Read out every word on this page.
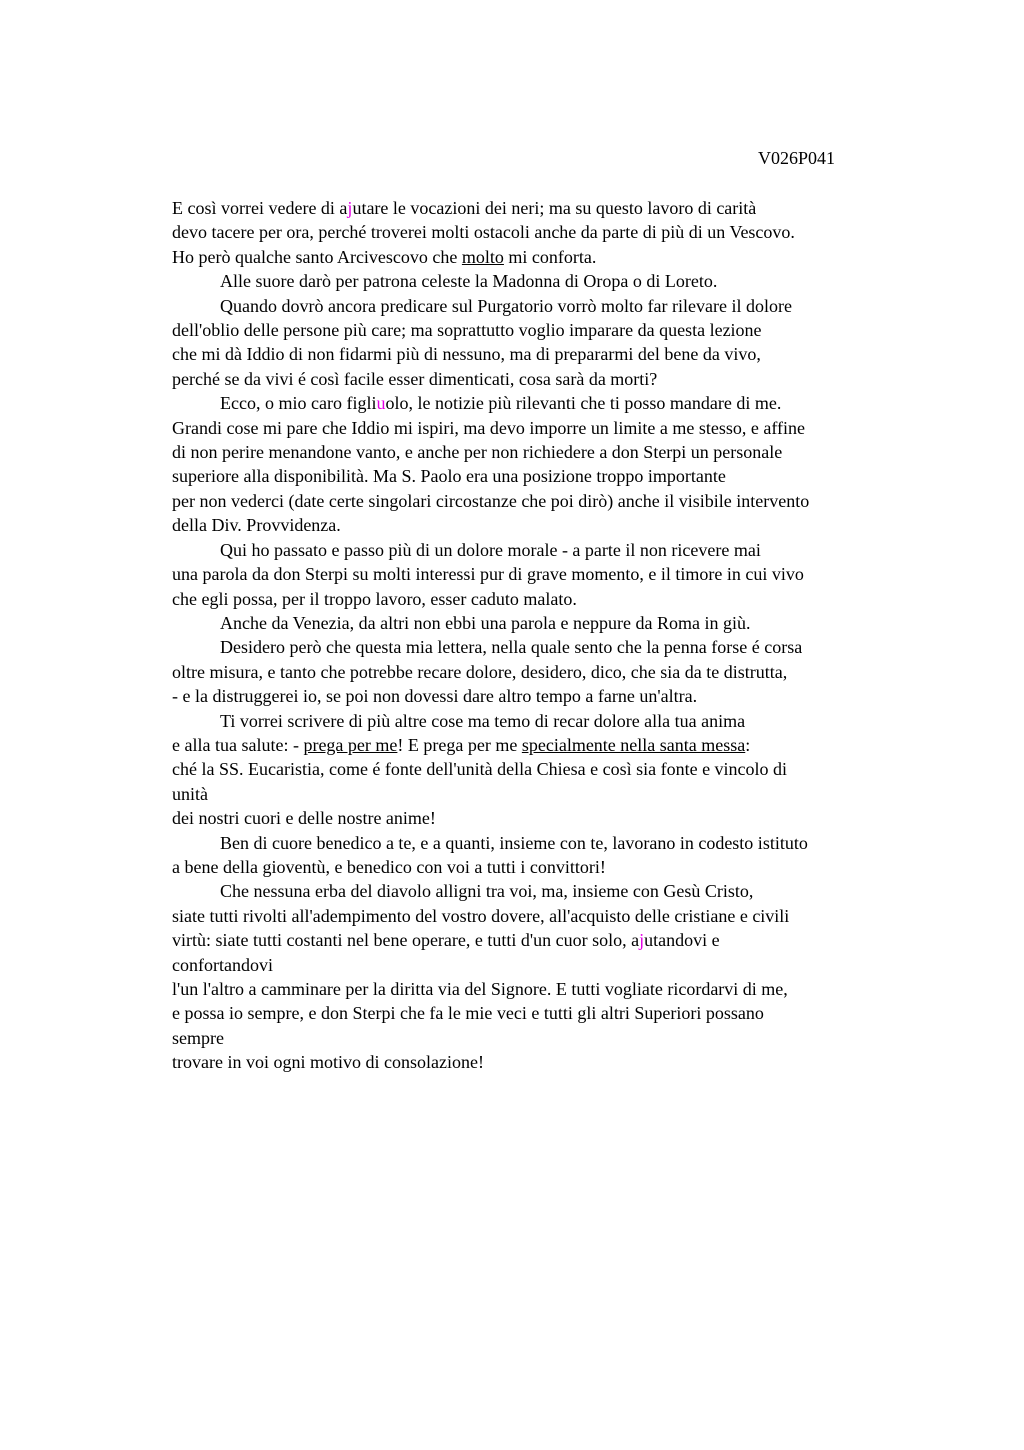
V026P041
E così vorrei vedere di ajutare le vocazioni dei neri; ma su questo lavoro di carità
devo tacere per ora, perché troverei molti ostacoli anche da parte di più di un Vescovo.
Ho però qualche santo Arcivescovo che molto mi conforta.
Alle suore darò per patrona celeste la Madonna di Oropa o di Loreto.
Quando dovrò ancora predicare sul Purgatorio vorrò molto far rilevare il dolore
dell'oblio delle persone più care; ma soprattutto voglio imparare da questa lezione
che mi dà Iddio di non fidarmi più di nessuno, ma di prepararmi del bene da vivo,
perché se da vivi é così facile esser dimenticati, cosa sarà da morti?
Ecco, o mio caro figliuolo, le notizie più rilevanti che ti posso mandare di me.
Grandi cose mi pare che Iddio mi ispiri, ma devo imporre un limite a me stesso, e affine
di non perire menandone vanto, e anche per non richiedere a don Sterpi un personale
superiore alla disponibilità. Ma S. Paolo era una posizione troppo importante
per non vederci (date certe singolari circostanze che poi dirò) anche il visibile intervento
della Div. Provvidenza.
Qui ho passato e passo più di un dolore morale - a parte il non ricevere mai
una parola da don Sterpi su molti interessi pur di grave momento, e il timore in cui vivo
che egli possa, per il troppo lavoro, esser caduto malato.
Anche da Venezia, da altri non ebbi una parola e neppure da Roma in giù.
Desidero però che questa mia lettera, nella quale sento che la penna forse é corsa
oltre misura, e tanto che potrebbe recare dolore, desidero, dico, che sia da te distrutta,
- e la distruggerei io, se poi non dovessi dare altro tempo a farne un'altra.
Ti vorrei scrivere di più altre cose ma temo di recar dolore alla tua anima
e alla tua salute: - prega per me! E prega per me specialmente nella santa messa:
ché la SS. Eucaristia, come é fonte dell'unità della Chiesa e così sia fonte e vincolo di
unità
dei nostri cuori e delle nostre anime!
Ben di cuore benedico a te, e a quanti, insieme con te, lavorano in codesto istituto
a bene della gioventù, e benedico con voi a tutti i convittori!
Che nessuna erba del diavolo alligni tra voi, ma, insieme con Gesù Cristo,
siate tutti rivolti all'adempimento del vostro dovere, all'acquisto delle cristiane e civili
virtù: siate tutti costanti nel bene operare, e tutti d'un cuor solo, ajutandovi e
confortandovi
l'un l'altro a camminare per la diritta via del Signore. E tutti vogliate ricordarvi di me,
e possa io sempre, e don Sterpi che fa le mie veci e tutti gli altri Superiori possano
sempre
trovare in voi ogni motivo di consolazione!
